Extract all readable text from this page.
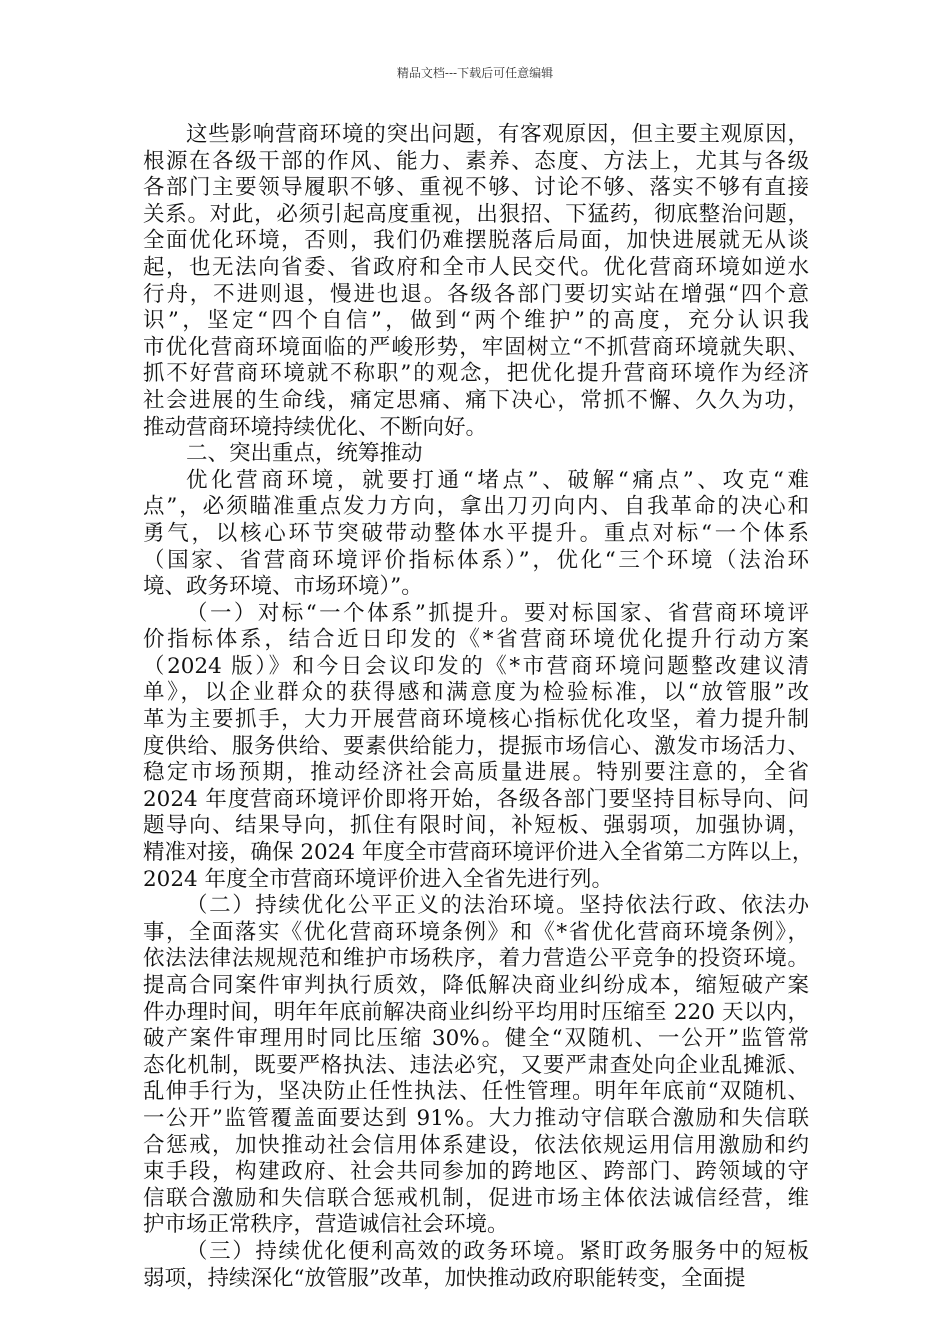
精品文档---下载后可任意编辑
这些影响营商环境的突出问题，有客观原因，但主要主观原因，
根源在各级干部的作风、能力、素养、态度、方法上，尤其与各级
各部门主要领导履职不够、重视不够、讨论不够、落实不够有直接
关系。对此，必须引起高度重视，出狠招、下猛药，彻底整治问题，
全面优化环境，否则，我们仍难摆脱落后局面，加快进展就无从谈
起，也无法向省委、省政府和全市人民交代。优化营商环境如逆水
行舟，不进则退，慢进也退。各级各部门要切实站在增强“四个意
识”，坚定“四个自信”，做到“两个维护”的高度，充分认识我
市优化营商环境面临的严峻形势，牢固树立“不抓营商环境就失职、
抓不好营商环境就不称职”的观念，把优化提升营商环境作为经济
社会进展的生命线，痛定思痛、痛下决心，常抓不懈、久久为功，
推动营商环境持续优化、不断向好。
二、突出重点，统筹推动
优化营商环境，就要打通“堵点”、破解“痛点”、攻克“难
点”，必须瞄准重点发力方向，拿出刀刃向内、自我革命的决心和
勇气，以核心环节突破带动整体水平提升。重点对标“一个体系
（国家、省营商环境评价指标体系）”，优化“三个环境（法治环
境、政务环境、市场环境）”。
（一）对标“一个体系”抓提升。要对标国家、省营商环境评
价指标体系，结合近日印发的《*省营商环境优化提升行动方案
（2024 版）》和今日会议印发的《*市营商环境问题整改建议清
单》，以企业群众的获得感和满意度为检验标准，以“放管服”改
革为主要抓手，大力开展营商环境核心指标优化攻坚，着力提升制
度供给、服务供给、要素供给能力，提振市场信心、激发市场活力、
稳定市场预期，推动经济社会高质量进展。特别要注意的，全省
2024 年度营商环境评价即将开始，各级各部门要坚持目标导向、问
题导向、结果导向，抓住有限时间，补短板、强弱项，加强协调，
精准对接，确保 2024 年度全市营商环境评价进入全省第二方阵以上，
2024 年度全市营商环境评价进入全省先进行列。
（二）持续优化公平正义的法治环境。坚持依法行政、依法办
事，全面落实《优化营商环境条例》和《*省优化营商环境条例》，
依法法律法规规范和维护市场秩序，着力营造公平竞争的投资环境。
提高合同案件审判执行质效，降低解决商业纠纷成本，缩短破产案
件办理时间，明年年底前解决商业纠纷平均用时压缩至 220 天以内，
破产案件审理用时同比压缩 30%。健全“双随机、一公开”监管常
态化机制，既要严格执法、违法必究，又要严肃查处向企业乱摊派、
乱伸手行为，坚决防止任性执法、任性管理。明年年底前“双随机、
一公开”监管覆盖面要达到 91%。大力推动守信联合激励和失信联
合惩戒，加快推动社会信用体系建设，依法依规运用信用激励和约
束手段，构建政府、社会共同参加的跨地区、跨部门、跨领域的守
信联合激励和失信联合惩戒机制，促进市场主体依法诚信经营，维
护市场正常秩序，营造诚信社会环境。
（三）持续优化便利高效的政务环境。紧盯政务服务中的短板
弱项，持续深化“放管服”改革，加快推动政府职能转变，全面提
